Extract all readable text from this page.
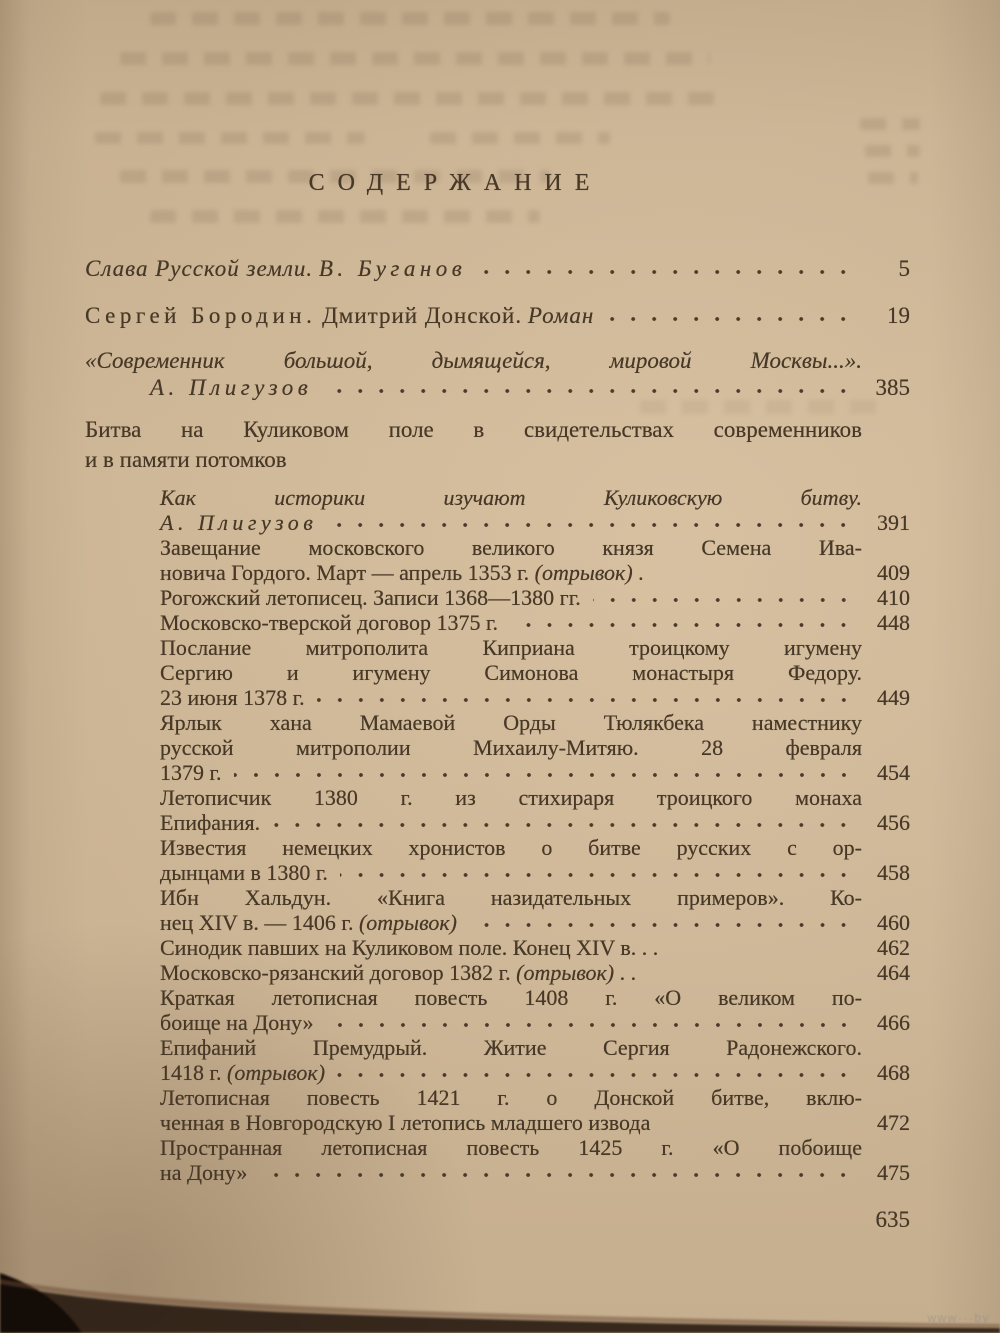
СОДЕРЖАНИЕ
Слава Русской земли. В. Буганов	5
Сергей Бородин. Дмитрий Донской. Роман	19
«Современник большой, дымящейся, мировой Москвы...».
А. Плигузов	385
Битва на Куликовом поле в свидетельствах современников
и в памяти потомков
Как историки изучают Куликовскую битву.
А. Плигузов	391
Завещание московского великого князя Семена Ива-
новича Гордого. Март — апрель 1353 г. (отрывок) .	409
Рогожский летописец. Записи 1368—1380 гг.	410
Московско-тверской договор 1375 г.	448
Послание митрополита Киприана троицкому игумену
Сергию и игумену Симонова монастыря Федору.
23 июня 1378 г.	449
Ярлык хана Мамаевой Орды Тюлякбека наместнику
русской митрополии Михаилу-Митяю. 28 февраля
1379 г.	454
Летописчик 1380 г. из стихираря троицкого монаха
Епифания.	456
Известия немецких хронистов о битве русских с ор-
дынцами в 1380 г.	458
Ибн Хальдун. «Книга назидательных примеров». Ко-
нец XIV в. — 1406 г. (отрывок)	460
Синодик павших на Куликовом поле. Конец XIV в. . .	462
Московско-рязанский договор 1382 г. (отрывок) . .	464
Краткая летописная повесть 1408 г. «О великом по-
боище на Дону»	466
Епифаний Премудрый. Житие Сергия Радонежского.
1418 г. (отрывок)	468
Летописная повесть 1421 г. о Донской битве, вклю-
ченная в Новгородскую I летопись младшего извода	472
Пространная летописная повесть 1425 г. «О побоище
на Дону»	475
635
www···by
